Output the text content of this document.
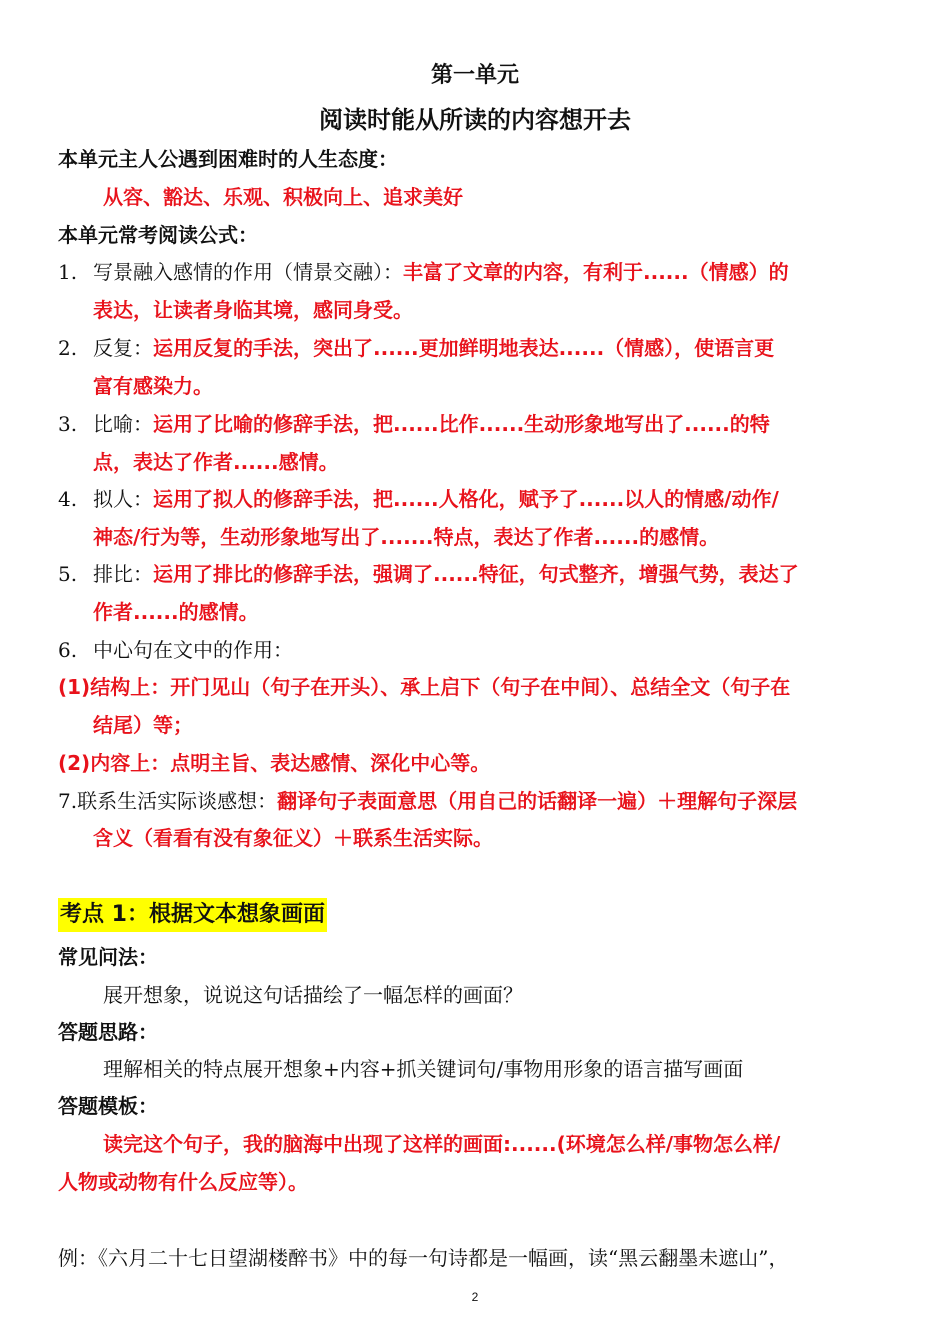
第一单元
阅读时能从所读的内容想开去
本单元主人公遇到困难时的人生态度：
从容、豁达、乐观、积极向上、追求美好
本单元常考阅读公式：
1. 写景融入感情的作用（情景交融）：丰富了文章的内容，有利于......（情感）的
表达，让读者身临其境，感同身受。
2. 反复：运用反复的手法，突出了......更加鲜明地表达......（情感），使语言更
富有感染力。
3. 比喻：运用了比喻的修辞手法，把......比作......生动形象地写出了......的特
点，表达了作者......感情。
4. 拟人：运用了拟人的修辞手法，把......人格化，赋予了......以人的情感/动作/
神态/行为等，生动形象地写出了.......特点，表达了作者......的感情。
5. 排比：运用了排比的修辞手法，强调了......特征，句式整齐，增强气势，表达了
作者......的感情。
6. 中心句在文中的作用：
(1)结构上：开门见山（句子在开头）、承上启下（句子在中间）、总结全文（句子在
结尾）等；
(2)内容上：点明主旨、表达感情、深化中心等。
7.联系生活实际谈感想：翻译句子表面意思（用自己的话翻译一遍）＋理解句子深层
含义（看看有没有象征义）＋联系生活实际。
考点 1：根据文本想象画面
常见问法：
展开想象，说说这句话描绘了一幅怎样的画面？
答题思路：
理解相关的特点展开想象+内容+抓关键词句/事物用形象的语言描写画面
答题模板：
读完这个句子，我的脑海中出现了这样的画面:......(环境怎么样/事物怎么样/
人物或动物有什么反应等）。
例：《六月二十七日望湖楼醉书》中的每一句诗都是一幅画，读“黑云翻墨未遮山”，
2
